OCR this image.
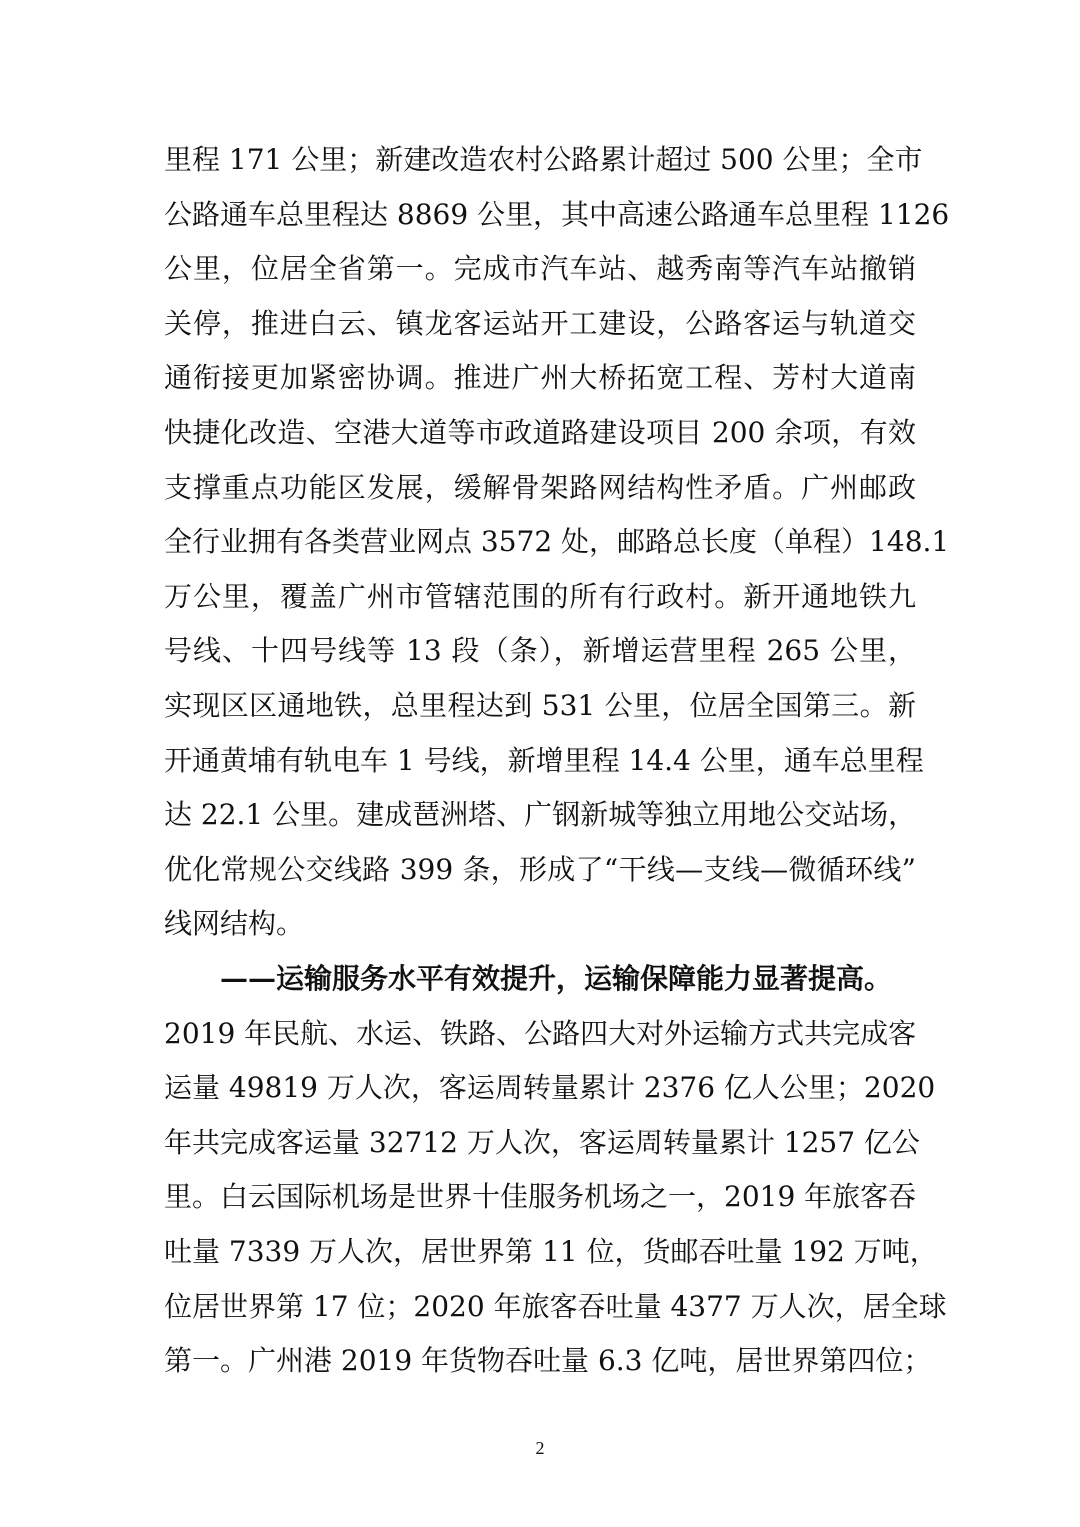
里程 171 公里；新建改造农村公路累计超过 500 公里；全市
公路通车总里程达 8869 公里，其中高速公路通车总里程 1126
公里，位居全省第一。完成市汽车站、越秀南等汽车站撤销
关停，推进白云、镇龙客运站开工建设，公路客运与轨道交
通衔接更加紧密协调。推进广州大桥拓宽工程、芳村大道南
快捷化改造、空港大道等市政道路建设项目 200 余项，有效
支撑重点功能区发展，缓解骨架路网结构性矛盾。广州邮政
全行业拥有各类营业网点 3572 处，邮路总长度（单程）148.1
万公里，覆盖广州市管辖范围的所有行政村。新开通地铁九
号线、十四号线等 13 段（条），新增运营里程 265 公里，
实现区区通地铁，总里程达到 531 公里，位居全国第三。新
开通黄埔有轨电车 1 号线，新增里程 14.4 公里，通车总里程
达 22.1 公里。建成琶洲塔、广钢新城等独立用地公交站场，
优化常规公交线路 399 条，形成了“干线—支线—微循环线”
线网结构。
——运输服务水平有效提升，运输保障能力显著提高。
2019 年民航、水运、铁路、公路四大对外运输方式共完成客
运量 49819 万人次，客运周转量累计 2376 亿人公里；2020
年共完成客运量 32712 万人次，客运周转量累计 1257 亿公
里。白云国际机场是世界十佳服务机场之一，2019 年旅客吞
吐量 7339 万人次，居世界第 11 位，货邮吞吐量 192 万吨，
位居世界第 17 位；2020 年旅客吞吐量 4377 万人次，居全球
第一。广州港 2019 年货物吞吐量 6.3 亿吨，居世界第四位；
2
